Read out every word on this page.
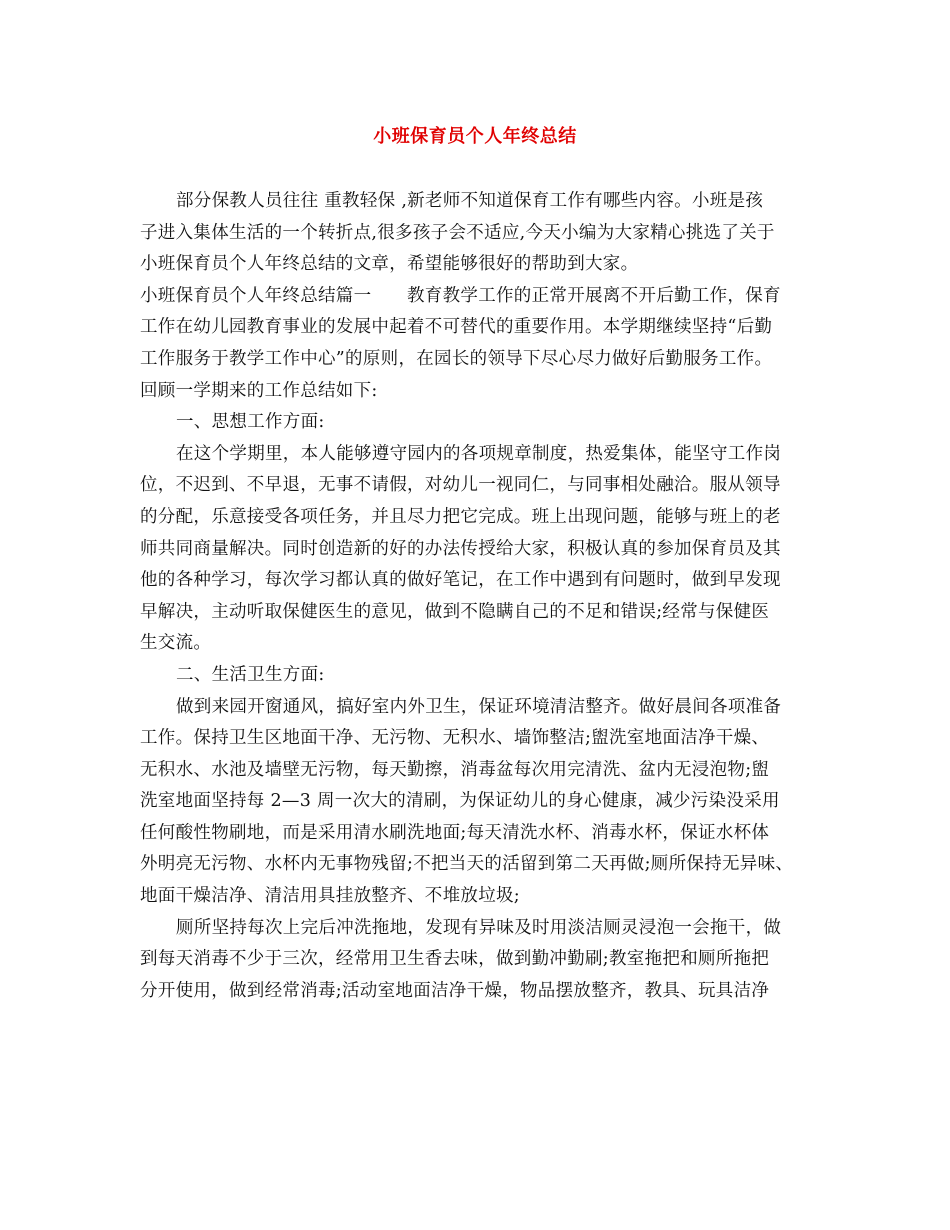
小班保育员个人年终总结
部分保教人员往往 重教轻保 ,新老师不知道保育工作有哪些内容。小班是孩
子进入集体生活的一个转折点,很多孩子会不适应,今天小编为大家精心挑选了关于
小班保育员个人年终总结的文章，希望能够很好的帮助到大家。
小班保育员个人年终总结篇一　　教育教学工作的正常开展离不开后勤工作，保育
工作在幼儿园教育事业的发展中起着不可替代的重要作用。本学期继续坚持“后勤
工作服务于教学工作中心”的原则，在园长的领导下尽心尽力做好后勤服务工作。
回顾一学期来的工作总结如下:
一、思想工作方面:
在这个学期里，本人能够遵守园内的各项规章制度，热爱集体，能坚守工作岗
位，不迟到、不早退，无事不请假，对幼儿一视同仁，与同事相处融洽。服从领导
的分配，乐意接受各项任务，并且尽力把它完成。班上出现问题，能够与班上的老
师共同商量解决。同时创造新的好的办法传授给大家，积极认真的参加保育员及其
他的各种学习，每次学习都认真的做好笔记，在工作中遇到有问题时，做到早发现
早解决，主动听取保健医生的意见，做到不隐瞒自己的不足和错误;经常与保健医
生交流。
二、生活卫生方面:
做到来园开窗通风，搞好室内外卫生，保证环境清洁整齐。做好晨间各项准备
工作。保持卫生区地面干净、无污物、无积水、墙饰整洁;盥洗室地面洁净干燥、
无积水、水池及墙壁无污物，每天勤擦，消毒盆每次用完清洗、盆内无浸泡物;盥
洗室地面坚持每 2—3 周一次大的清刷，为保证幼儿的身心健康，减少污染没采用
任何酸性物刷地，而是采用清水刷洗地面;每天清洗水杯、消毒水杯，保证水杯体
外明亮无污物、水杯内无事物残留;不把当天的活留到第二天再做;厕所保持无异味、
地面干燥洁净、清洁用具挂放整齐、不堆放垃圾;
厕所坚持每次上完后冲洗拖地，发现有异味及时用淡洁厕灵浸泡一会拖干，做
到每天消毒不少于三次，经常用卫生香去味，做到勤冲勤刷;教室拖把和厕所拖把
分开使用，做到经常消毒;活动室地面洁净干燥，物品摆放整齐，教具、玩具洁净
